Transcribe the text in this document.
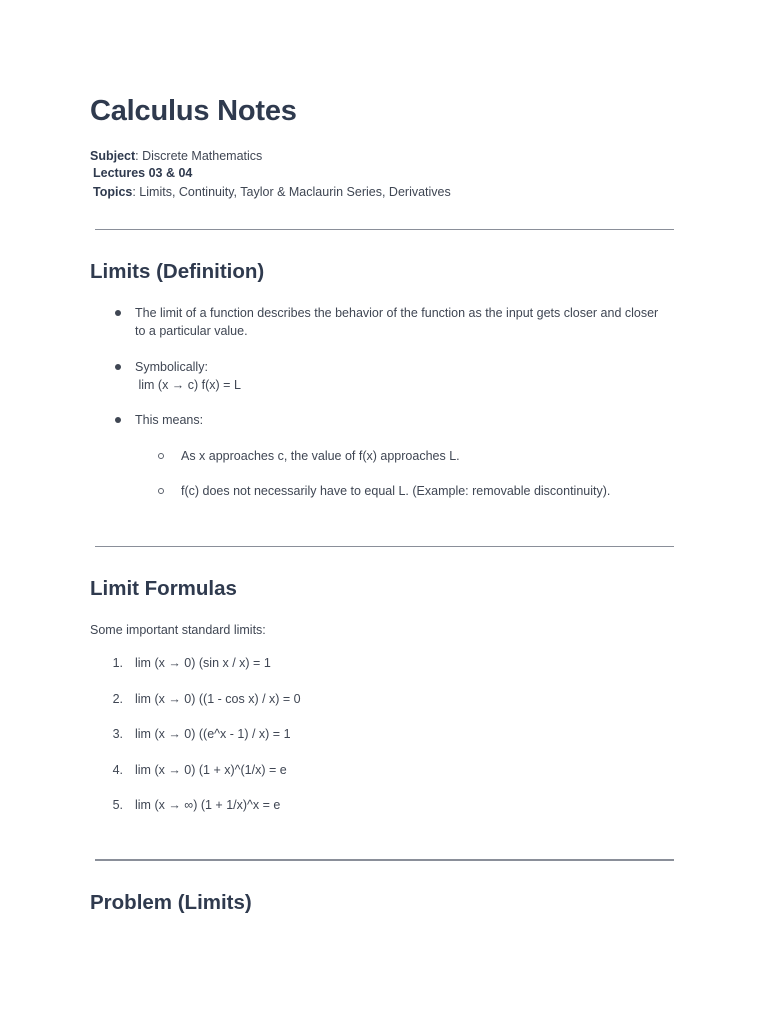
Calculus Notes
Subject: Discrete Mathematics
Lectures 03 & 04
Topics: Limits, Continuity, Taylor & Maclaurin Series, Derivatives
Limits (Definition)
The limit of a function describes the behavior of the function as the input gets closer and closer
to a particular value.
Symbolically:
lim (x → c) f(x) = L
This means:
As x approaches c, the value of f(x) approaches L.
f(c) does not necessarily have to equal L. (Example: removable discontinuity).
Limit Formulas
Some important standard limits:
1. lim (x → 0) (sin x / x) = 1
2. lim (x → 0) ((1 - cos x) / x) = 0
3. lim (x → 0) ((e^x - 1) / x) = 1
4. lim (x → 0) (1 + x)^(1/x) = e
5. lim (x → ∞) (1 + 1/x)^x = e
Problem (Limits)
